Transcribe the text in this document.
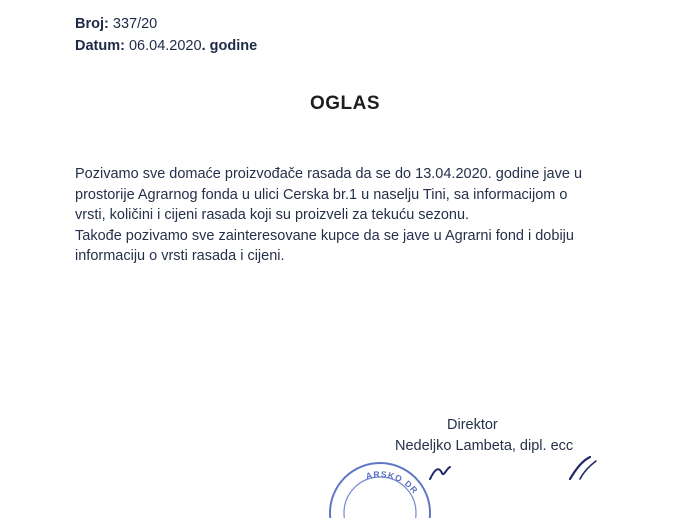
Broj: 337/20
Datum: 06.04.2020. godine
OGLAS

Pozivamo sve domaće proizvođače rasada da se do 13.04.2020. godine jave u

prostorije Agrarnog fonda u ulici Cerska br.1 u naselju Tini, sa informacijom o

vrsti, količini i cijeni rasada koji su proizveli za tekuću sezonu.

Takođe pozivamo sve zainteresovane kupce da se jave u Agrarni fond i dobiju

informaciju o vrsti rasada i cijeni.

Direktor
Nedeljko Lambeta, dipl. ecc
ARSKO DR
